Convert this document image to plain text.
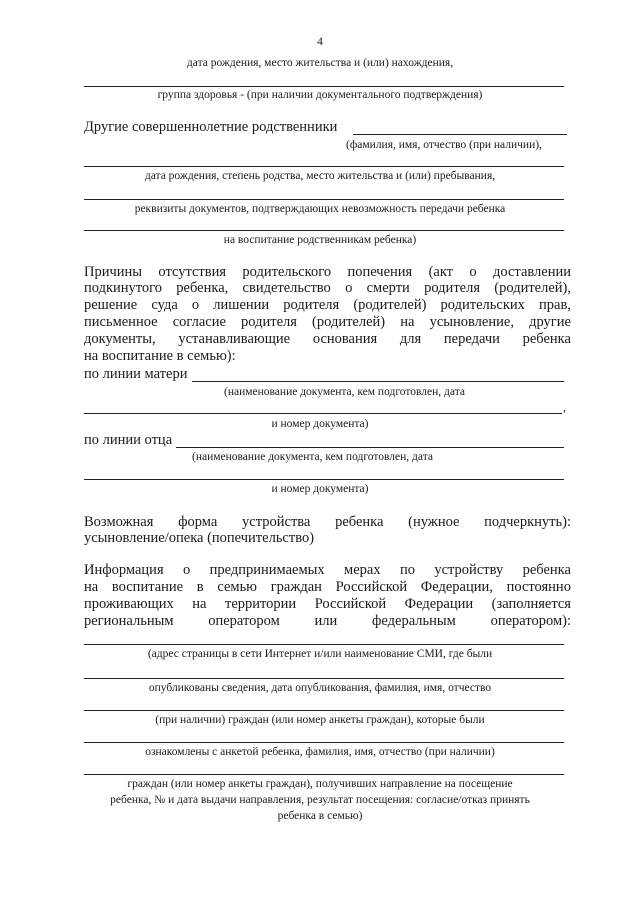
4
дата рождения, место жительства и (или) нахождения,
группа здоровья - (при наличии документального подтверждения)
Другие совершеннолетние родственники
(фамилия, имя, отчество (при наличии),
дата рождения, степень родства, место жительства и (или) пребывания,
реквизиты документов, подтверждающих невозможность передачи ребенка
на воспитание родственникам ребенка)
Причины отсутствия родительского попечения (акт о доставлении
подкинутого ребенка, свидетельство о смерти родителя (родителей),
решение суда о лишении родителя (родителей) родительских прав,
письменное согласие родителя (родителей) на усыновление, другие
документы, устанавливающие основания для передачи ребенка
на воспитание в семью):
по линии матери
(наименование документа, кем подготовлен, дата
,
и номер документа)
по линии отца
(наименование документа, кем подготовлен, дата
и номер документа)
Возможная форма устройства ребенка (нужное подчеркнуть):
усыновление/опека (попечительство)
Информация о предпринимаемых мерах по устройству ребенка
на воспитание в семью граждан Российской Федерации, постоянно
проживающих на территории Российской Федерации (заполняется
региональным оператором или федеральным оператором):
(адрес страницы в сети Интернет и/или наименование СМИ, где были
опубликованы сведения, дата опубликования, фамилия, имя, отчество
(при наличии) граждан (или номер анкеты граждан), которые были
ознакомлены с анкетой ребенка, фамилия, имя, отчество (при наличии)
граждан (или номер анкеты граждан), получивших направление на посещение
ребенка, № и дата выдачи направления, результат посещения: согласие/отказ принять
ребенка в семью)
